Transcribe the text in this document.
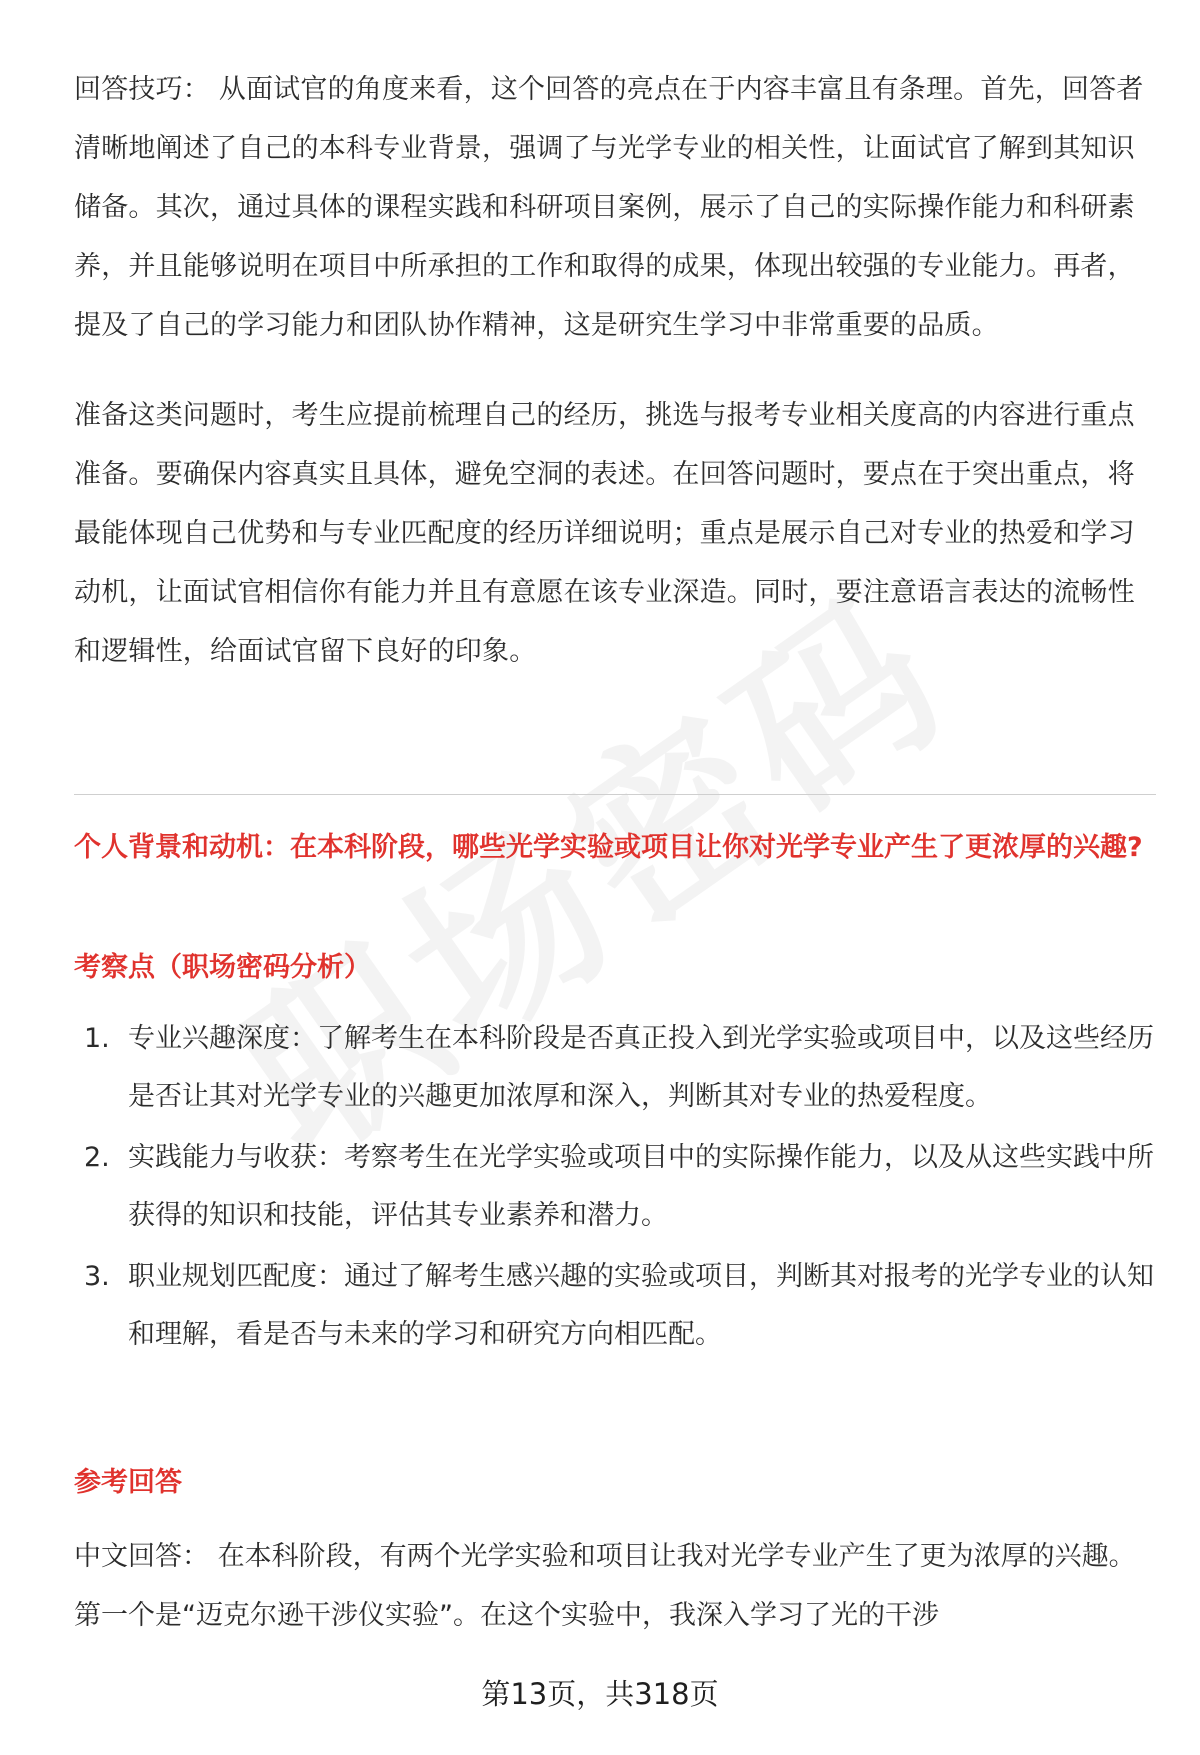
回答技巧： 从面试官的角度来看，这个回答的亮点在于内容丰富且有条理。首先，回答者清晰地阐述了自己的本科专业背景，强调了与光学专业的相关性，让面试官了解到其知识储备。其次，通过具体的课程实践和科研项目案例，展示了自己的实际操作能力和科研素养，并且能够说明在项目中所承担的工作和取得的成果，体现出较强的专业能力。再者，提及了自己的学习能力和团队协作精神，这是研究生学习中非常重要的品质。

准备这类问题时，考生应提前梳理自己的经历，挑选与报考专业相关度高的内容进行重点准备。要确保内容真实且具体，避免空洞的表述。在回答问题时，要点在于突出重点，将最能体现自己优势和与专业匹配度的经历详细说明；重点是展示自己对专业的热爱和学习动机，让面试官相信你有能力并且有意愿在该专业深造。同时，要注意语言表达的流畅性和逻辑性，给面试官留下良好的印象。

个人背景和动机：在本科阶段，哪些光学实验或项目让你对光学专业产生了更浓厚的兴趣?

考察点（职场密码分析）

1. 专业兴趣深度：了解考生在本科阶段是否真正投入到光学实验或项目中，以及这些经历是否让其对光学专业的兴趣更加浓厚和深入，判断其对专业的热爱程度。
2. 实践能力与收获：考察考生在光学实验或项目中的实际操作能力，以及从这些实践中所获得的知识和技能，评估其专业素养和潜力。
3. 职业规划匹配度：通过了解考生感兴趣的实验或项目，判断其对报考的光学专业的认知和理解，看是否与未来的学习和研究方向相匹配。

参考回答

中文回答： 在本科阶段，有两个光学实验和项目让我对光学专业产生了更为浓厚的兴趣。第一个是“迈克尔逊干涉仪实验”。在这个实验中，我深入学习了光的干涉

第13页，共318页
